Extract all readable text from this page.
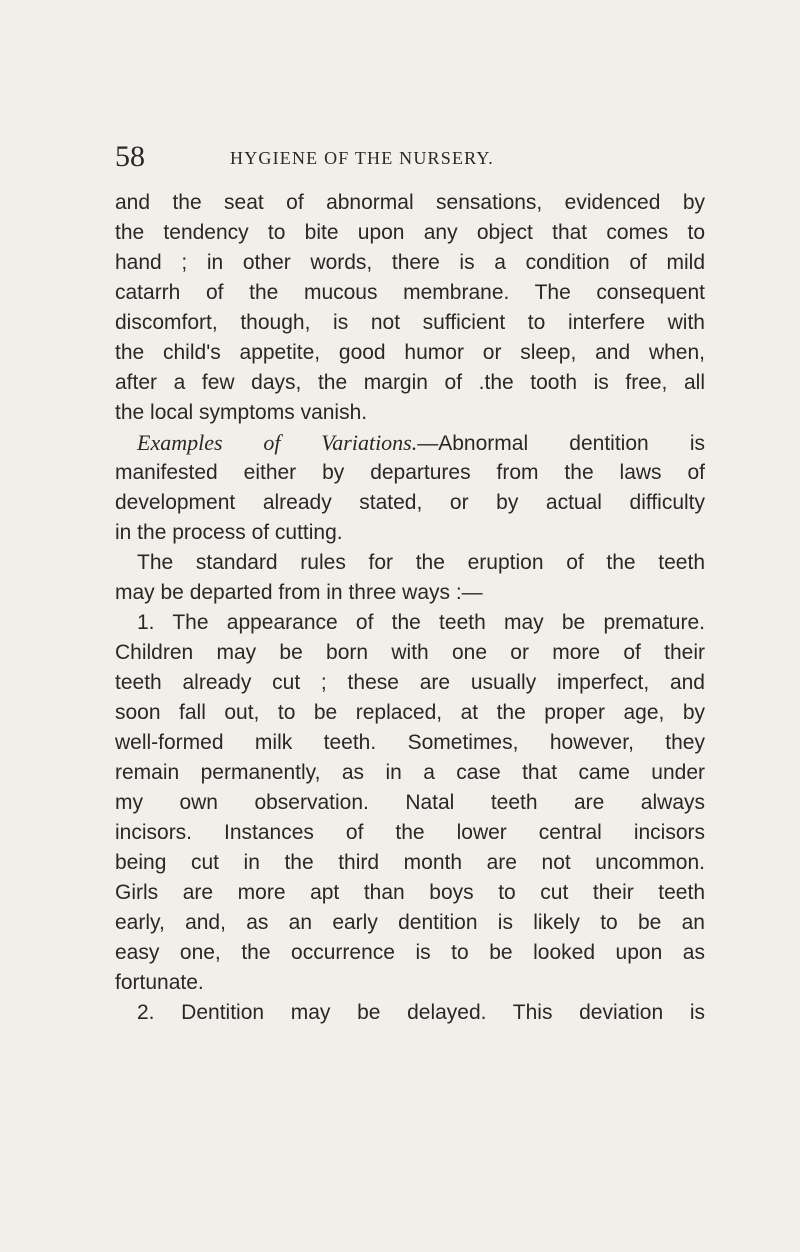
58	HYGIENE OF THE NURSERY.
and the seat of abnormal sensations, evidenced by
the tendency to bite upon any object that comes to
hand ; in other words, there is a condition of mild
catarrh of the mucous membrane. The consequent
discomfort, though, is not sufficient to interfere with
the child's appetite, good humor or sleep, and when,
after a few days, the margin of .the tooth is free, all
the local symptoms vanish.
Examples of Variations.—Abnormal dentition is
manifested either by departures from the laws of
development already stated, or by actual difficulty
in the process of cutting.
The standard rules for the eruption of the teeth
may be departed from in three ways :—
1. The appearance of the teeth may be premature.
Children may be born with one or more of their
teeth already cut ; these are usually imperfect, and
soon fall out, to be replaced, at the proper age, by
well-formed milk teeth. Sometimes, however, they
remain permanently, as in a case that came under
my own observation. Natal teeth are always
incisors. Instances of the lower central incisors
being cut in the third month are not uncommon.
Girls are more apt than boys to cut their teeth
early, and, as an early dentition is likely to be an
easy one, the occurrence is to be looked upon as
fortunate.
2. Dentition may be delayed. This deviation is
